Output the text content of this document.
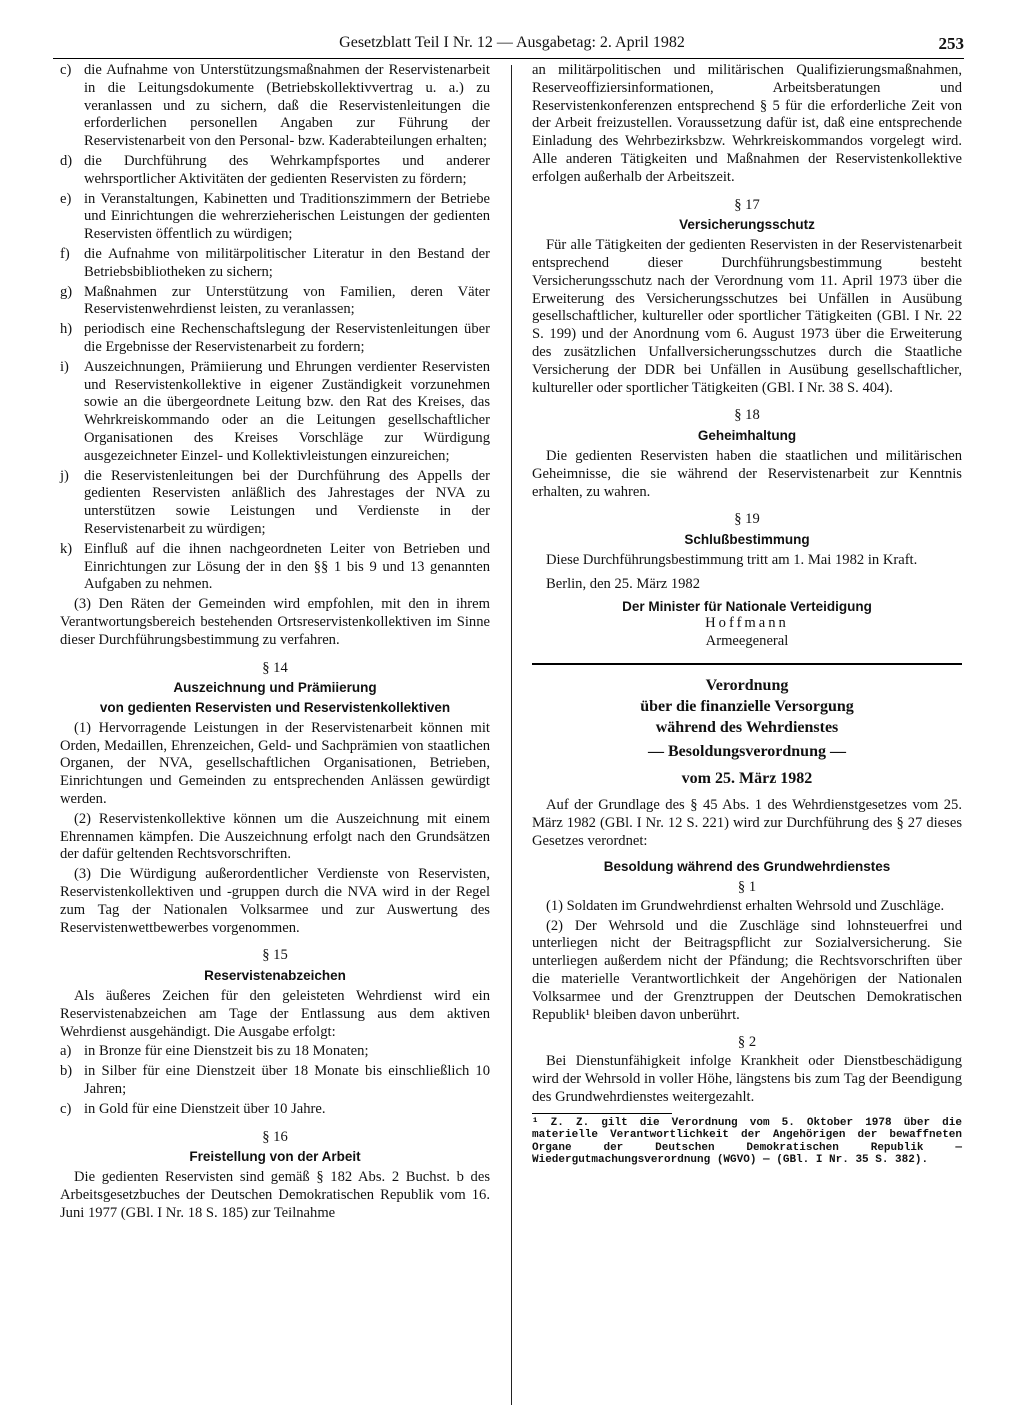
Gesetzblatt Teil I Nr. 12 — Ausgabetag: 2. April 1982	253
c) die Aufnahme von Unterstützungsmaßnahmen der Reservistenarbeit in die Leitungsdokumente (Betriebskollektivvertrag u. a.) zu veranlassen und zu sichern, daß die Reservistenleitungen die erforderlichen personellen Angaben zur Führung der Reservistenarbeit von den Personal- bzw. Kaderabteilungen erhalten;
d) die Durchführung des Wehrkampfsportes und anderer wehrsportlicher Aktivitäten der gedienten Reservisten zu fördern;
e) in Veranstaltungen, Kabinetten und Traditionszimmern der Betriebe und Einrichtungen die wehrerzieherischen Leistungen der gedienten Reservisten öffentlich zu würdigen;
f) die Aufnahme von militärpolitischer Literatur in den Bestand der Betriebsbibliotheken zu sichern;
g) Maßnahmen zur Unterstützung von Familien, deren Väter Reservistenwehrdienst leisten, zu veranlassen;
h) periodisch eine Rechenschaftslegung der Reservistenleitungen über die Ergebnisse der Reservistenarbeit zu fordern;
i)	Auszeichnungen, Prämiierung und Ehrungen verdienter Reservisten und Reservistenkollektive in eigener Zuständigkeit vorzunehmen sowie an die übergeordnete Leitung bzw. den Rat des Kreises, das Wehrkreiskommando oder an die Leitungen gesellschaftlicher Organisationen des Kreises Vorschläge zur Würdigung ausgezeichneter Einzel- und Kollektivleistungen einzureichen;
j)	die Reservistenleitungen bei der Durchführung des Appells der gedienten Reservisten anläßlich des Jahrestages der NVA zu unterstützen sowie Leistungen und Verdienste in der Reservistenarbeit zu würdigen;
k) Einfluß auf die ihnen nachgeordneten Leiter von Betrieben und Einrichtungen zur Lösung der in den §§ 1 bis 9 und 13 genannten Aufgaben zu nehmen.

(3) Den Räten der Gemeinden wird empfohlen, mit den in ihrem Verantwortungsbereich bestehenden Ortsreservistenkollektiven im Sinne dieser Durchführungsbestimmung zu verfahren.

§ 14
Auszeichnung und Prämiierung
von gedienten Reservisten und Reservistenkollektiven

(1) Hervorragende Leistungen in der Reservistenarbeit können mit Orden, Medaillen, Ehrenzeichen, Geld- und Sachprämien von staatlichen Organen, der NVA, gesellschaftlichen Organisationen, Betrieben, Einrichtungen und Gemeinden zu entsprechenden Anlässen gewürdigt werden.

(2) Reservistenkollektive können um die Auszeichnung mit einem Ehrennamen kämpfen. Die Auszeichnung erfolgt nach den Grundsätzen der dafür geltenden Rechtsvorschriften.

(3) Die Würdigung außerordentlicher Verdienste von Reservisten, Reservistenkollektiven und -gruppen durch die NVA wird in der Regel zum Tag der Nationalen Volksarmee und zur Auswertung des Reservistenwettbewerbes vorgenommen.

§ 15
Reservistenabzeichen

Als äußeres Zeichen für den geleisteten Wehrdienst wird ein Reservistenabzeichen am Tage der Entlassung aus dem aktiven Wehrdienst ausgehändigt. Die Ausgabe erfolgt:

a) in Bronze für eine Dienstzeit bis zu 18 Monaten;
b) in Silber für eine Dienstzeit über 18 Monate bis einschließlich 10 Jahren;
c) in Gold für eine Dienstzeit über 10 Jahre.
§ 16
Freistellung von der Arbeit

Die gedienten Reservisten sind gemäß § 182 Abs. 2 Buchst. b des Arbeitsgesetzbuches der Deutschen Demokratischen Republik vom 16. Juni 1977 (GBl. I Nr. 18 S. 185) zur Teilnahme

an militärpolitischen und militärischen Qualifizierungsmaßnahmen, Reserveoffiziersinformationen, Arbeitsberatungen und Reservistenkonferenzen entsprechend § 5 für die erforderliche Zeit von der Arbeit freizustellen. Voraussetzung dafür ist, daß eine entsprechende Einladung des Wehrbezirksbzw. Wehrkreiskommandos vorgelegt wird. Alle anderen Tätigkeiten und Maßnahmen der Reservistenkollektive erfolgen außerhalb der Arbeitszeit.

§ 17
Versicherungsschutz

Für alle Tätigkeiten der gedienten Reservisten in der Reservistenarbeit entsprechend dieser Durchführungsbestimmung besteht Versicherungsschutz nach der Verordnung vom 11. April 1973 über die Erweiterung des Versicherungsschutzes bei Unfällen in Ausübung gesellschaftlicher, kultureller oder sportlicher Tätigkeiten (GBl. I Nr. 22 S. 199) und der Anordnung vom 6. August 1973 über die Erweiterung des zusätzlichen Unfallversicherungsschutzes durch die Staatliche Versicherung der DDR bei Unfällen in Ausübung gesellschaftlicher, kultureller oder sportlicher Tätigkeiten (GBl. I Nr. 38 S. 404).

§ 18
Geheimhaltung

Die gedienten Reservisten haben die staatlichen und militärischen Geheimnisse, die sie während der Reservistenarbeit zur Kenntnis erhalten, zu wahren.

§ 19
Schlußbestimmung

Diese Durchführungsbestimmung tritt am 1. Mai 1982 in Kraft.

Berlin, den 25. März 1982

Der Minister für Nationale Verteidigung
Hoffmann
Armeegeneral
Verordnung
über die finanzielle Versorgung
während des Wehrdienstes
— Besoldungsverordnung —
vom 25. März 1982

Auf der Grundlage des § 45 Abs. 1 des Wehrdienstgesetzes vom 25. März 1982 (GBl. I Nr. 12 S. 221) wird zur Durchführung des § 27 dieses Gesetzes verordnet:

Besoldung während des Grundwehrdienstes
§ 1

(1) Soldaten im Grundwehrdienst erhalten Wehrsold und Zuschläge.

(2) Der Wehrsold und die Zuschläge sind lohnsteuerfrei und unterliegen nicht der Beitragspflicht zur Sozialversicherung. Sie unterliegen außerdem nicht der Pfändung; die Rechtsvorschriften über die materielle Verantwortlichkeit der Angehörigen der Nationalen Volksarmee und der Grenztruppen der Deutschen Demokratischen Republik¹ bleiben davon unberührt.

§ 2

Bei Dienstunfähigkeit infolge Krankheit oder Dienstbeschädigung wird der Wehrsold in voller Höhe, längstens bis zum Tag der Beendigung des Grundwehrdienstes weitergezahlt.

¹ Z. Z. gilt die Verordnung vom 5. Oktober 1978 über die materielle Verantwortlichkeit der Angehörigen der bewaffneten Organe der Deutschen Demokratischen Republik — Wiedergutmachungsverordnung (WGVO) — (GBl. I Nr. 35 S. 382).
